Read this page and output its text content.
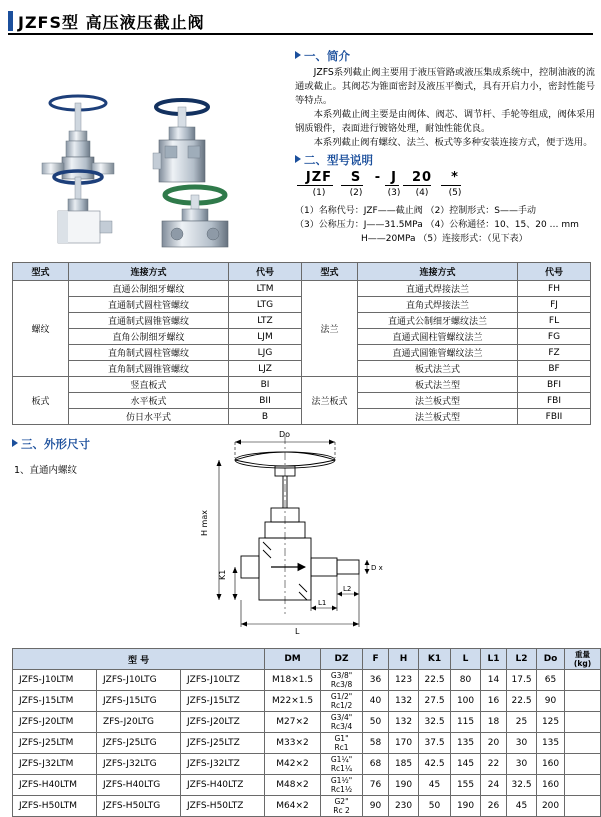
JZFS型 高压液压截止阀
一、简介

JZFS系列截止阀主要用于液压管路或液压集成系统中，控制油液的流通或截止。其阀芯为锥面密封及液压平衡式，具有开启力小，密封性能号等特点。

本系列截止阀主要是由阀体、阀芯、调节杆、手轮等组成，阀体采用钢质锻件，表面进行镀铬处理，耐蚀性能优良。

本系列截止阀有螺纹、法兰、板式等多种安装连接方式，便于选用。

二、型号说明
JZF	S	- J	20	*
(1)	(2)	(3)	(4)	(5)
（1）名称代号：JZF——截止阀 （2）控制形式：S——手动
（3）公称压力：J——31.5MPa （4）公称通径：10、15、20 … mm
H——20MPa （5）连接形式：（见下表）
型式	连接方式	代号	型式	连接方式	代号
螺纹	直通公制细牙螺纹	LTM	法兰	直通式焊接法兰	FH
	直通制式圆柱管螺纹	LTG		直角式焊接法兰	FJ
	直通制式圆锥管螺纹	LTZ		直通式公制细牙螺纹法兰	FL
	直角公制细牙螺纹	LJM		直通式圆柱管螺纹法兰	FG
	直角制式圆柱管螺纹	LJG		直通式圆锥管螺纹法兰	FZ
	直角制式圆锥管螺纹	LJZ		板式法兰式	BF
板式	竖直板式	BI	法兰板式	板式法兰型	BFI
	水平板式	BII		法兰板式型	FBI
	仿日水平式	B		法兰板式型	FBII
三、外形尺寸
1、直通内螺纹
Do
H max
K1
L
L1
L2
D x
型 号			DM	DZ	F	H	K1	L	L1	L2	Do	重量 (kg)
JZFS-J10LTM	JZFS-J10LTG	JZFS-J10LTZ	M18×1.5	G3/8"
Rc3/8	36	123	22.5	80	14	17.5	65	
JZFS-J15LTM	JZFS-J15LTG	JZFS-J15LTZ	M22×1.5	G1/2"
Rc1/2	40	132	27.5	100	16	22.5	90	
JZFS-J20LTM	ZFS-J20LTG	JZFS-J20LTZ	M27×2	G3/4"
Rc3/4	50	132	32.5	115	18	25	125	
JZFS-J25LTM	JZFS-J25LTG	JZFS-J25LTZ	M33×2	G1"
Rc1	58	170	37.5	135	20	30	135	
JZFS-J32LTM	JZFS-J32LTG	JZFS-J32LTZ	M42×2	G1¼"
Rc1¼	68	185	42.5	145	22	30	160	
JZFS-H40LTM	JZFS-H40LTG	JZFS-H40LTZ	M48×2	G1½"
Rc1½	76	190	45	155	24	32.5	160	
JZFS-H50LTM	JZFS-H50LTG	JZFS-H50LTZ	M64×2	G2"
Rc 2	90	230	50	190	26	45	200	
